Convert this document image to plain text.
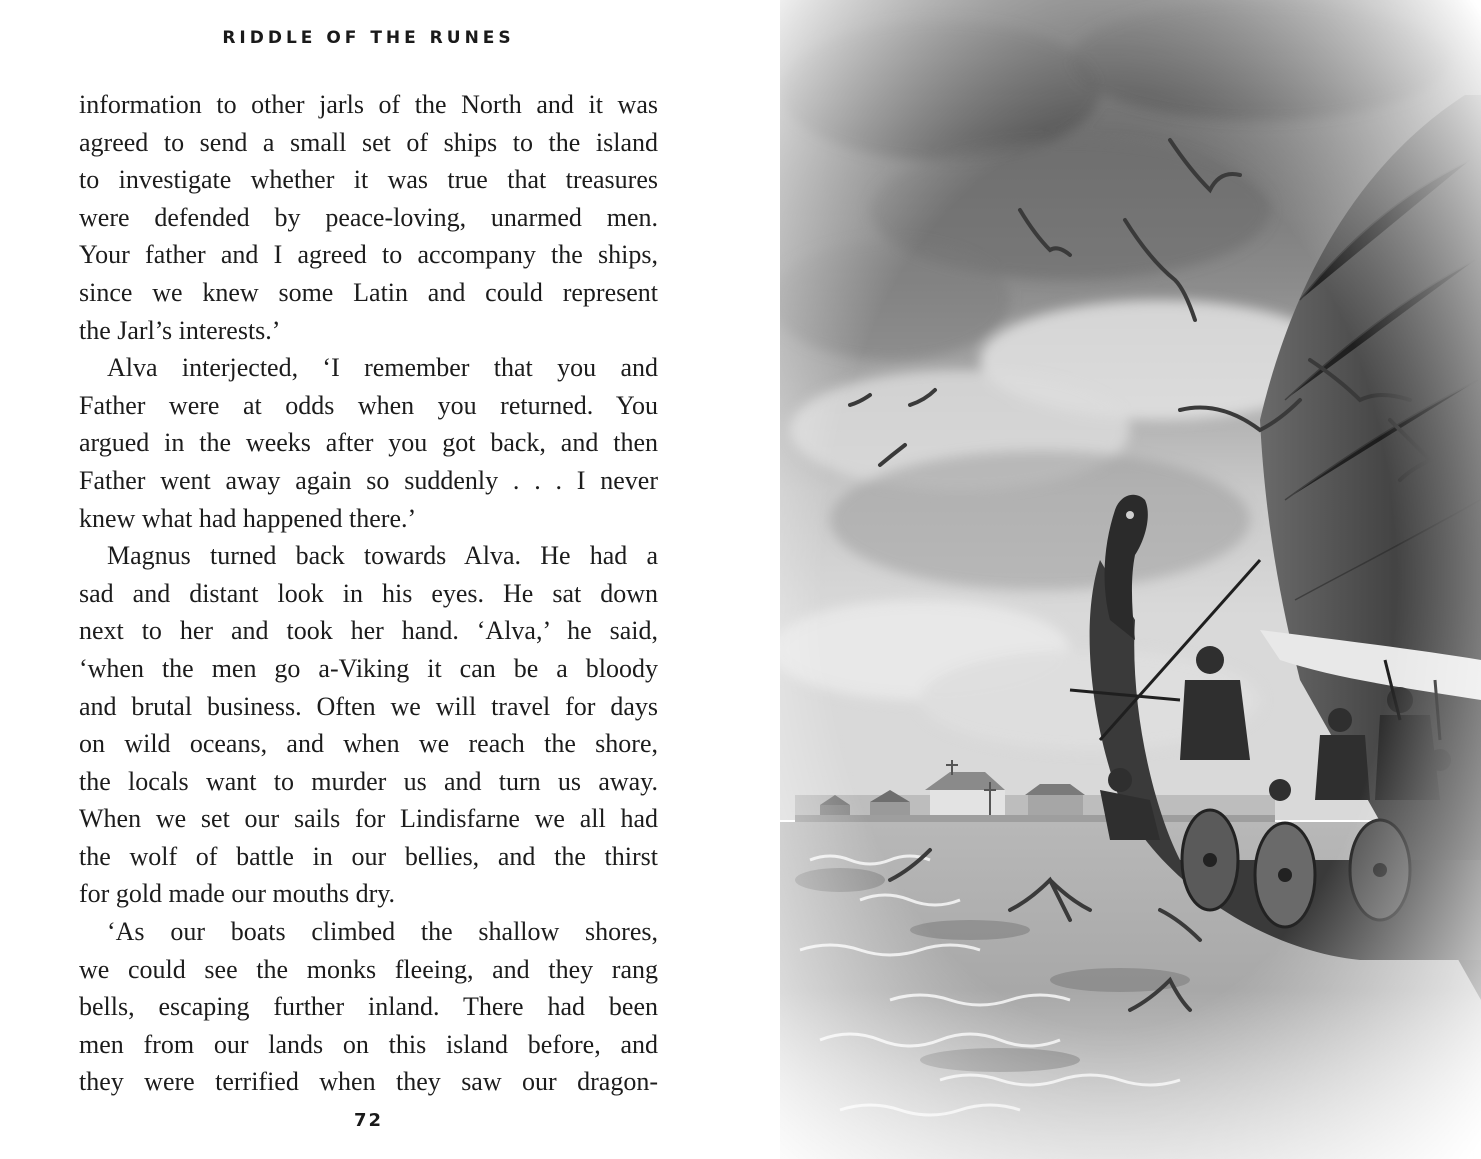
RIDDLE OF THE RUNES

information to other jarls of the North and it was
agreed to send a small set of ships to the island
to investigate whether it was true that treasures
were defended by peace-loving, unarmed men.
Your father and I agreed to accompany the ships,
since we knew some Latin and could represent
the Jarl’s interests.’

Alva interjected, ‘I remember that you and
Father were at odds when you returned. You
argued in the weeks after you got back, and then
Father went away again so suddenly . . . I never
knew what had happened there.’

Magnus turned back towards Alva. He had a
sad and distant look in his eyes. He sat down
next to her and took her hand. ‘Alva,’ he said,
‘when the men go a-Viking it can be a bloody
and brutal business. Often we will travel for days
on wild oceans, and when we reach the shore,
the locals want to murder us and turn us away.
When we set our sails for Lindisfarne we all had
the wolf of battle in our bellies, and the thirst
for gold made our mouths dry.

‘As our boats climbed the shallow shores,
we could see the monks fleeing, and they rang
bells, escaping further inland. There had been
men from our lands on this island before, and
they were terrified when they saw our dragon-

72
